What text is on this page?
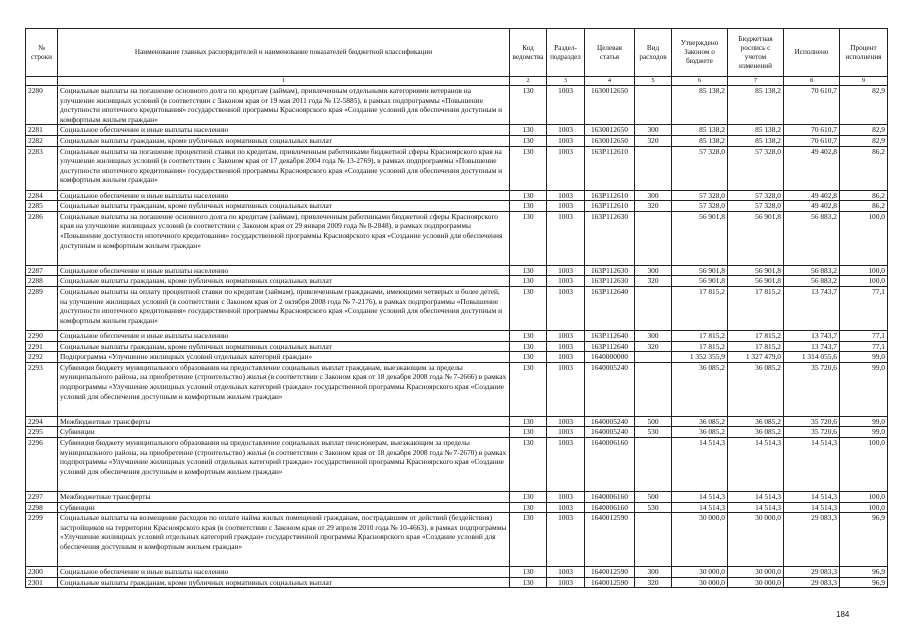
№ строки	Наименование главных распорядителей и наименование показателей бюджетной классификации	Код ведомства	Раздел-подраздел	Целевая статья	Вид расходов	Утверждено Законом о бюджете	Бюджетная роспись с учетом изменений	Исполнено	Процент исполнения
	1	2	3	4	5	6	7	8	9
2280	Социальные выплаты на погашение основного долга по кредитам (займам), привлеченным отдельными категориями ветеранов на улучшение жилищных условий (в соответствии с Законом края от 19 мая 2011 года № 12-5885), в рамках подпрограммы «Повышение доступности ипотечного кредитования» государственной программы Красноярского края «Создание условий для обеспечения доступным и комфортным жильем граждан»	130	1003	1630012650		85 138,2	85 138,2	70 610,7	82,9
2281	Социальное обеспечение и иные выплаты населению	130	1003	1630012650	300	85 138,2	85 138,2	70 610,7	82,9
2282	Социальные выплаты гражданам, кроме публичных нормативных социальных выплат	130	1003	1630012650	320	85 138,2	85 138,2	70 610,7	82,9
2283	Социальные выплаты на погашение процентной ставки по кредитам, привлеченным работниками бюджетной сферы Красноярского края на улучшение жилищных условий (в соответствии с Законом края от 17 декабря 2004 года № 13-2769), в рамках подпрограммы «Повышение доступности ипотечного кредитования» государственной программы Красноярского края «Создание условий для обеспечения доступным и комфортным жильем граждан»	130	1003	163Р112610		57 328,0	57 328,0	49 402,8	86,2
2284	Социальное обеспечение и иные выплаты населению	130	1003	163Р112610	300	57 328,0	57 328,0	49 402,8	86,2
2285	Социальные выплаты гражданам, кроме публичных нормативных социальных выплат	130	1003	163Р112610	320	57 328,0	57 328,0	49 402,8	86,2
2286	Социальные выплаты на погашение основного долга по кредитам (займам), привлеченным работниками бюджетной сферы Красноярского края на улучшение жилищных условий (в соответствии с Законом края от 29 января 2009 года № 8-2848), в рамках подпрограммы «Повышение доступности ипотечного кредитования» государственной программы Красноярского края «Создание условий для обеспечения доступным и комфортным жильем граждан»	130	1003	163Р112630		56 901,8	56 901,8	56 883,2	100,0
2287	Социальное обеспечение и иные выплаты населению	130	1003	163Р112630	300	56 901,8	56 901,8	56 883,2	100,0
2288	Социальные выплаты гражданам, кроме публичных нормативных социальных выплат	130	1003	163Р112630	320	56 901,8	56 901,8	56 883,2	100,0
2289	Социальные выплаты на оплату процентной ставки по кредитам (займам), привлеченным гражданами, имеющими четверых и более детей, на улучшение жилищных условий (в соответствии с Законом края от 2 октября 2008 года № 7-2176), в рамках подпрограммы «Повышение доступности ипотечного кредитования» государственной программы Красноярского края «Создание условий для обеспечения доступным и комфортным жильем граждан»	130	1003	163Р112640		17 815,2	17 815,2	13 743,7	77,1
2290	Социальное обеспечение и иные выплаты населению	130	1003	163Р112640	300	17 815,2	17 815,2	13 743,7	77,1
2291	Социальные выплаты гражданам, кроме публичных нормативных социальных выплат	130	1003	163Р112640	320	17 815,2	17 815,2	13 743,7	77,1
2292	Подпрограмма «Улучшение жилищных условий отдельных категорий граждан»	130	1003	1640000000		1 352 355,9	1 327 479,0	1 314 055,6	99,0
2293	Субвенция бюджету муниципального образования на предоставление социальных выплат гражданам, выезжающим за пределы муниципального района, на приобретение (строительство) жилья (в соответствии с Законом края от 18 декабря 2008 года № 7-2666) в рамках подпрограммы «Улучшение жилищных условий отдельных категорий граждан» государственной программы Красноярского края «Создание условий для обеспечения доступным и комфортным жильем граждан»	130	1003	1640005240		36 085,2	36 085,2	35 720,6	99,0
2294	Межбюджетные трансферты	130	1003	1640005240	500	36 085,2	36 085,2	35 720,6	99,0
2295	Субвенции	130	1003	1640005240	530	36 085,2	36 085,2	35 720,6	99,0
2296	Субвенция бюджету муниципального образования на предоставление социальных выплат пенсионерам, выезжающим за пределы муниципального района, на приобретение (строительство) жилья (в соответствии с Законом края от 18 декабря 2008 года № 7-2670) в рамках подпрограммы «Улучшение жилищных условий отдельных категорий граждан» государственной программы Красноярского края «Создание условий для обеспечения доступным и комфортным жильем граждан»	130	1003	1640006160		14 514,3	14 514,3	14 514,3	100,0
2297	Межбюджетные трансферты	130	1003	1640006160	500	14 514,3	14 514,3	14 514,3	100,0
2298	Субвенции	130	1003	1640006160	530	14 514,3	14 514,3	14 514,3	100,0
2299	Социальные выплаты на возмещение расходов по оплате найма жилых помещений гражданам, пострадавшим от действий (бездействия) застройщиков на территории Красноярского края (в соответствии с Законом края от 29 апреля 2010 года № 10-4663), в рамках подпрограммы «Улучшение жилищных условий отдельных категорий граждан» государственной программы Красноярского края «Создание условий для обеспечения доступным и комфортным жильем граждан»	130	1003	1640012590		30 000,0	30 000,0	29 083,3	96,9
2300	Социальное обеспечение и иные выплаты населению	130	1003	1640012590	300	30 000,0	30 000,0	29 083,3	96,9
2301	Социальные выплаты гражданам, кроме публичных нормативных социальных выплат	130	1003	1640012590	320	30 000,0	30 000,0	29 083,3	96,9
184
